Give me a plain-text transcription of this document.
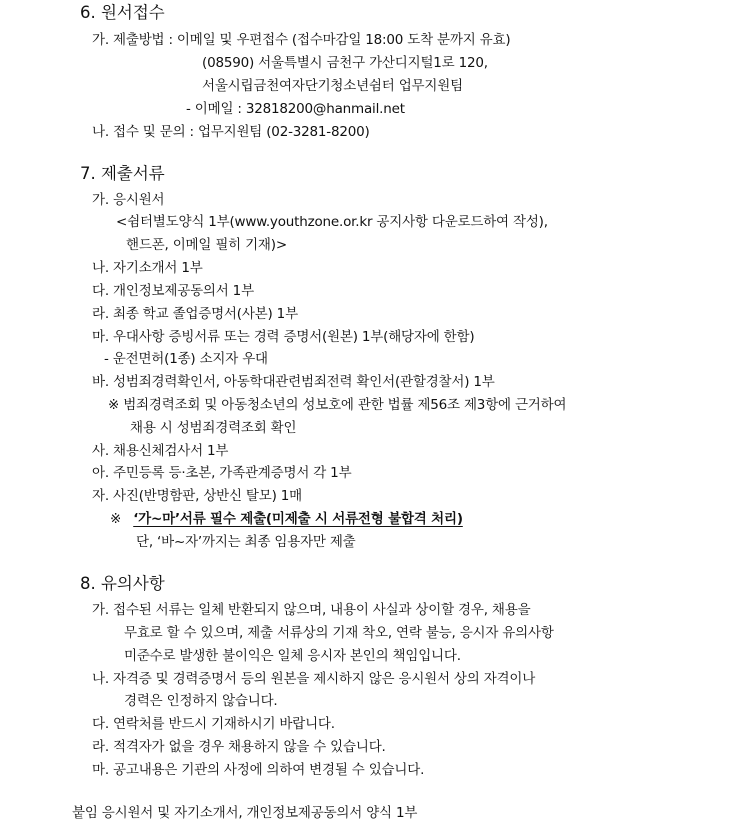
6. 원서접수
가. 제출방법 : 이메일 및 우편접수 (접수마감일 18:00 도착 분까지 유효)
(08590) 서울특별시 금천구 가산디지털1로 120,
서울시립금천여자단기청소년쉼터 업무지원팀
- 이메일 : 32818200@hanmail.net
나. 접수 및 문의 : 업무지원팀 (02-3281-8200)
7. 제출서류
가. 응시원서
<쉼터별도양식 1부(www.youthzone.or.kr 공지사항 다운로드하여 작성),
핸드폰, 이메일 필히 기재)>
나. 자기소개서 1부
다. 개인정보제공동의서 1부
라. 최종 학교 졸업증명서(사본) 1부
마. 우대사항 증빙서류 또는 경력 증명서(원본) 1부(해당자에 한함)
- 운전면허(1종) 소지자 우대
바. 성범죄경력확인서, 아동학대관련범죄전력 확인서(관할경찰서) 1부
※ 범죄경력조회 및 아동청소년의 성보호에 관한 법률 제56조 제3항에 근거하여
채용 시 성범죄경력조회 확인
사. 채용신체검사서 1부
아. 주민등록 등·초본, 가족관계증명서 각 1부
자. 사진(반명함판, 상반신 탈모) 1매
※ ‘가~마’서류 필수 제출(미제출 시 서류전형 불합격 처리)
단, ‘바~자’까지는 최종 임용자만 제출
8. 유의사항
가. 접수된 서류는 일체 반환되지 않으며, 내용이 사실과 상이할 경우, 채용을
무효로 할 수 있으며, 제출 서류상의 기재 착오, 연락 불능, 응시자 유의사항
미준수로 발생한 불이익은 일체 응시자 본인의 책임입니다.
나. 자격증 및 경력증명서 등의 원본을 제시하지 않은 응시원서 상의 자격이나
경력은 인정하지 않습니다.
다. 연락처를 반드시 기재하시기 바랍니다.
라. 적격자가 없을 경우 채용하지 않을 수 있습니다.
마. 공고내용은 기관의 사정에 의하여 변경될 수 있습니다.
붙임 응시원서 및 자기소개서, 개인정보제공동의서 양식 1부
